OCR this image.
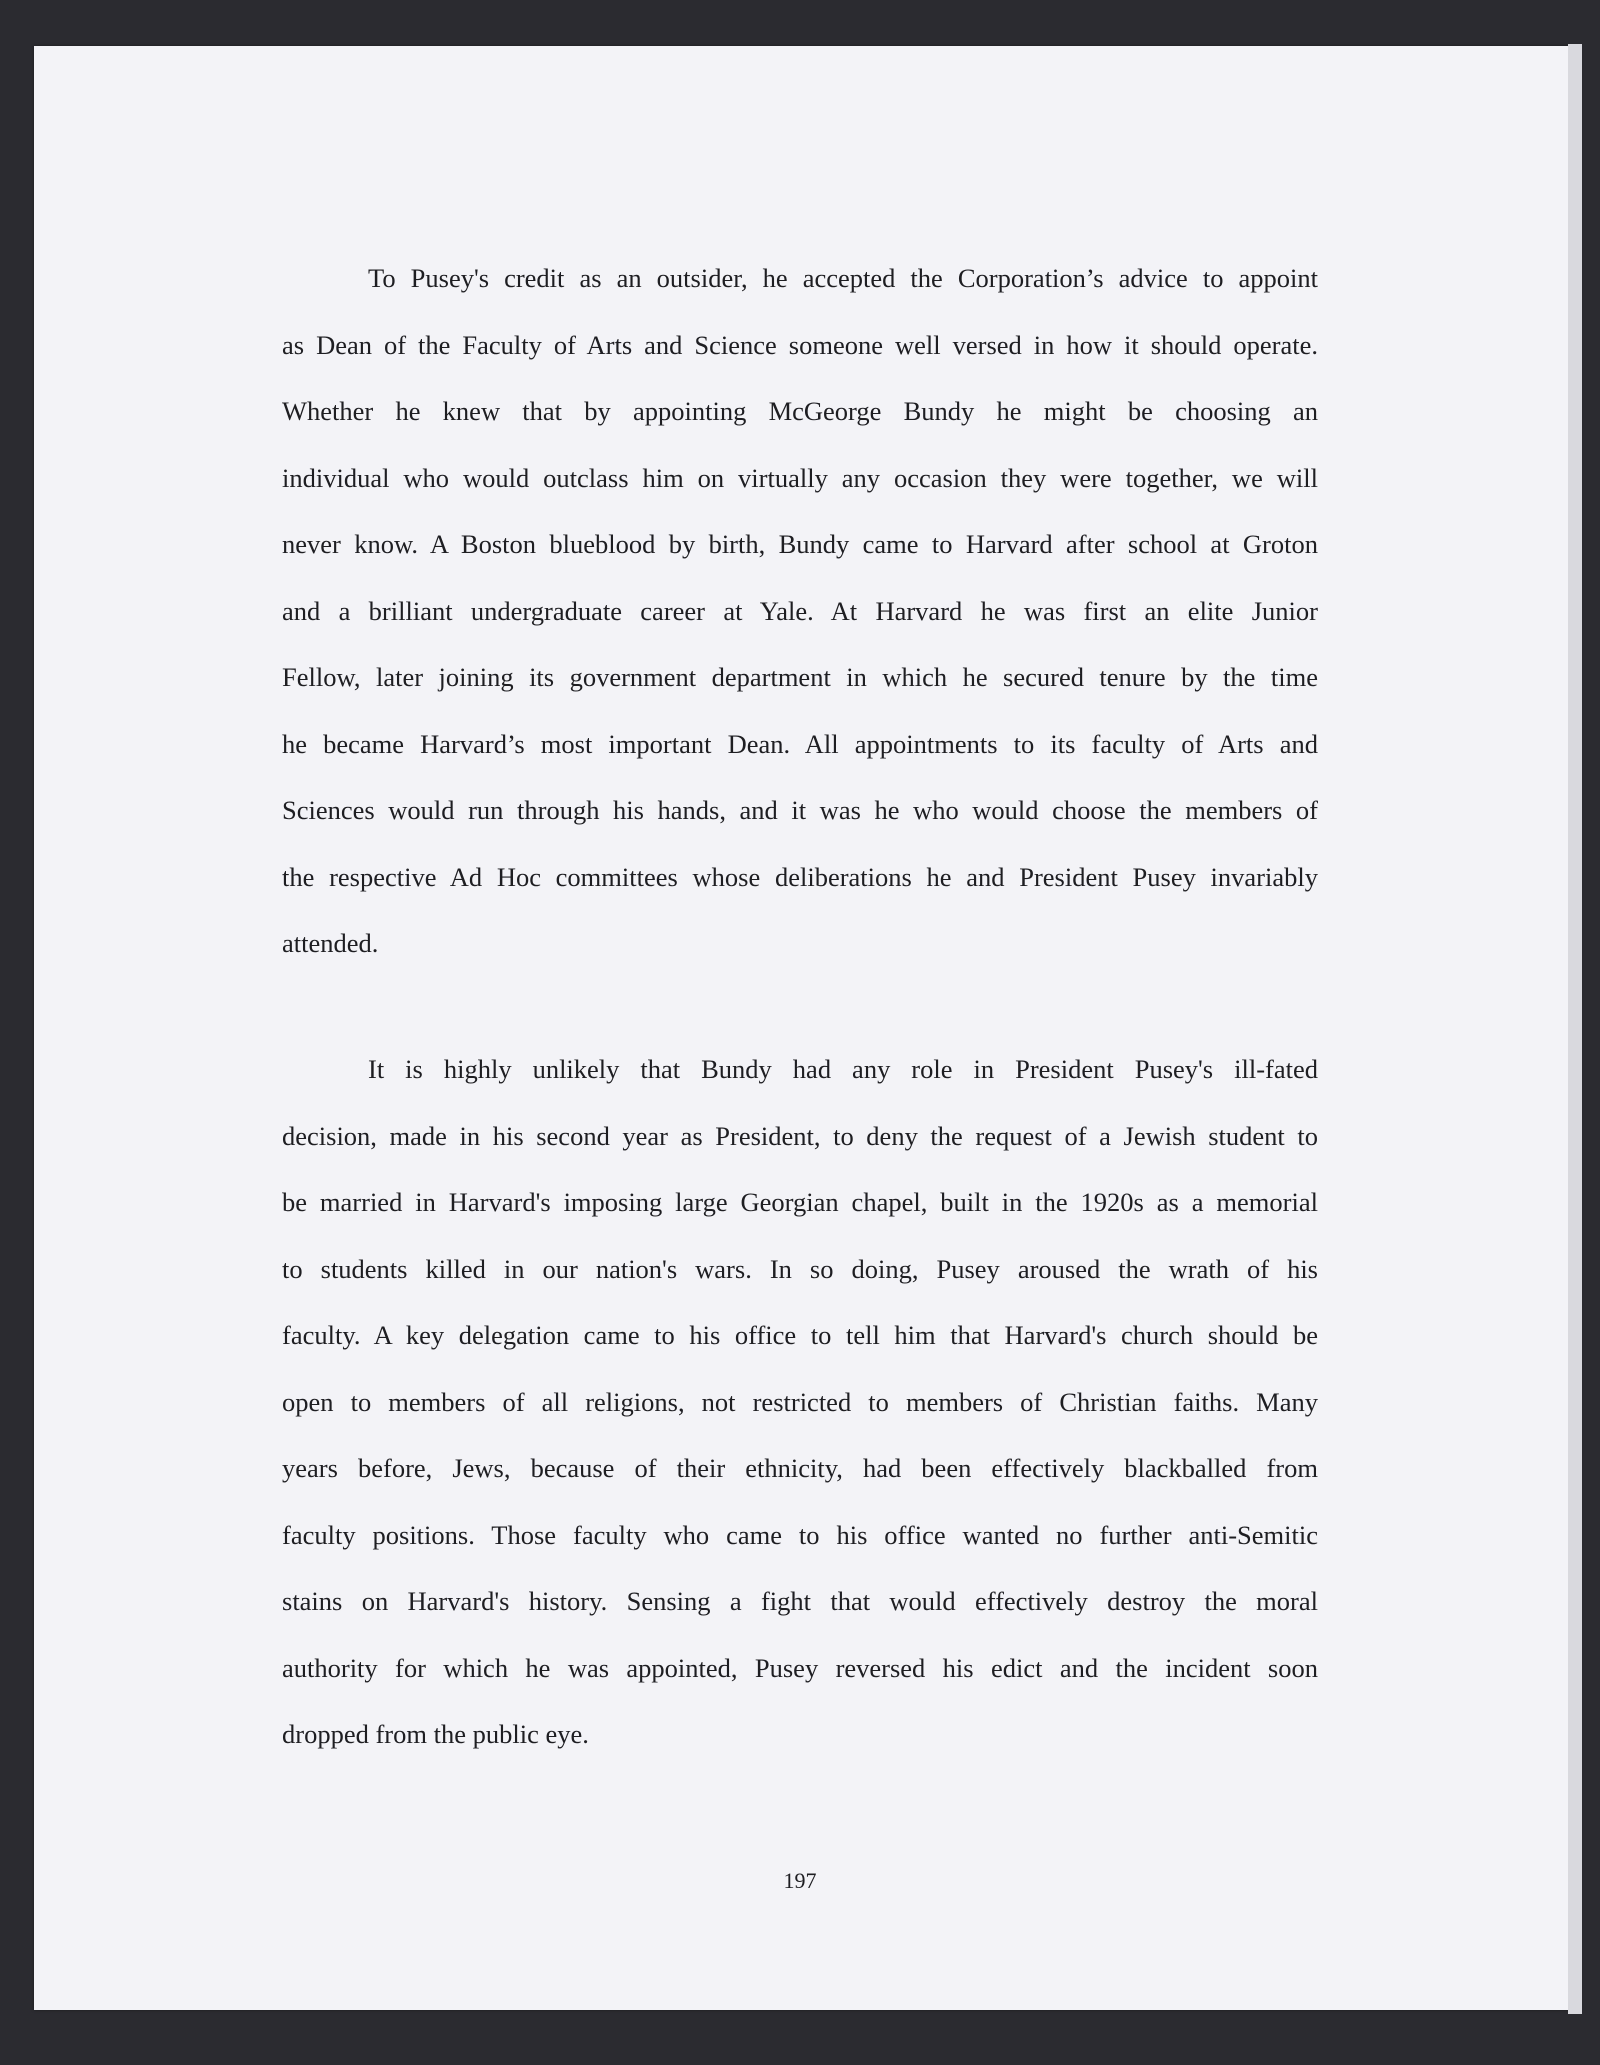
To Pusey's credit as an outsider, he accepted the Corporation’s advice to appoint
as Dean of the Faculty of Arts and Science someone well versed in how it should operate.
Whether he knew that by appointing McGeorge Bundy he might be choosing an
individual who would outclass him on virtually any occasion they were together, we will
never know. A Boston blueblood by birth, Bundy came to Harvard after school at Groton
and a brilliant undergraduate career at Yale. At Harvard he was first an elite Junior
Fellow, later joining its government department in which he secured tenure by the time
he became Harvard’s most important Dean. All appointments to its faculty of Arts and
Sciences would run through his hands, and it was he who would choose the members of
the respective Ad Hoc committees whose deliberations he and President Pusey invariably
attended.
It is highly unlikely that Bundy had any role in President Pusey's ill-fated
decision, made in his second year as President, to deny the request of a Jewish student to
be married in Harvard's imposing large Georgian chapel, built in the 1920s as a memorial
to students killed in our nation's wars. In so doing, Pusey aroused the wrath of his
faculty. A key delegation came to his office to tell him that Harvard's church should be
open to members of all religions, not restricted to members of Christian faiths. Many
years before, Jews, because of their ethnicity, had been effectively blackballed from
faculty positions. Those faculty who came to his office wanted no further anti-Semitic
stains on Harvard's history. Sensing a fight that would effectively destroy the moral
authority for which he was appointed, Pusey reversed his edict and the incident soon
dropped from the public eye.
197
